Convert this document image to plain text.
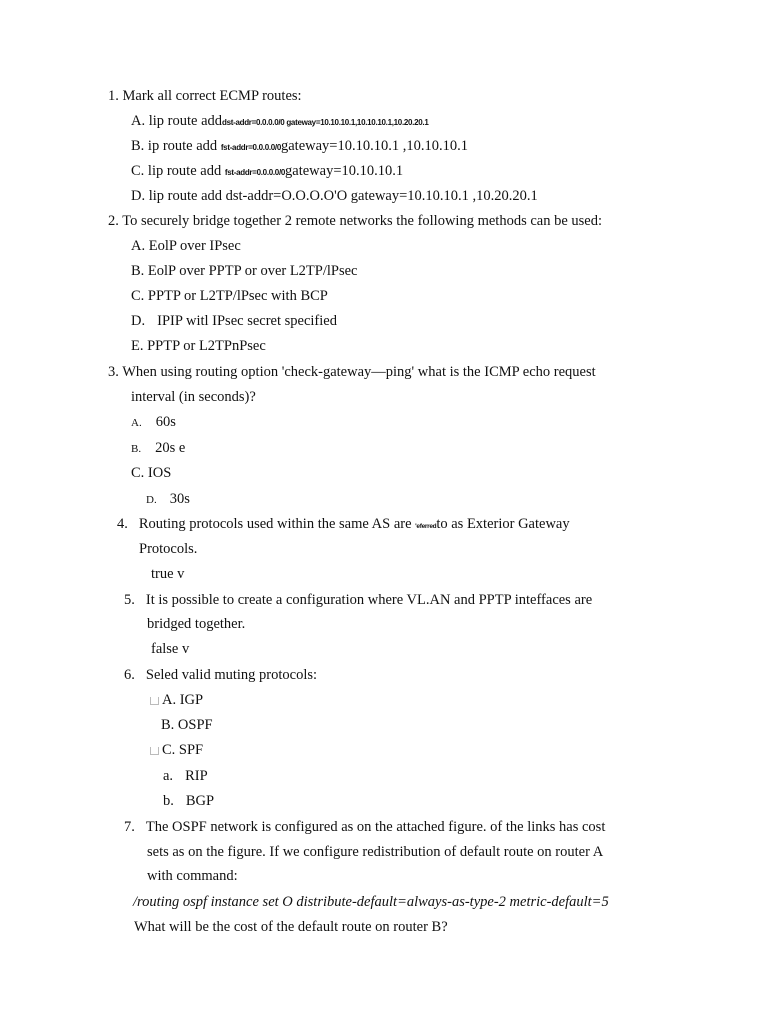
1. Mark all correct ECMP routes:
A. lip route adddst-addr=0.0.0.0/0 gateway=10.10.10.1,10.10.10.1,10.20.20.1
B. ip route add fst-addr=0.0.0.0/0gateway=10.10.10.1 ,10.10.10.1
C. lip route add fst-addr=0.0.0.0/0gateway=10.10.10.1
D. lip route add dst-addr=O.O.O.O'O gateway=10.10.10.1 ,10.20.20.1
2. To securely bridge together 2 remote networks the following methods can be used:
A. EolP over IPsec
B. EolP over PPTP or over L2TP/lPsec
C. PPTP or L2TP/lPsec with BCP
D. IPIP witl IPsec secret specified
E. PPTP or L2TPnPsec
3. When using routing option 'check-gateway—ping' what is the ICMP echo request
interval (in seconds)?
A. 60s
B. 20s e
C. IOS
D. 30s
4. Routing protocols used within the same AS are 'eferredto as Exterior Gateway
Protocols.
true v
5. It is possible to create a configuration where VL.AN and PPTP inteffaces are
bridged together.
false v
6. Seled valid muting protocols:
A. IGP
B. OSPF
C. SPF
a. RIP
b. BGP
7. The OSPF network is configured as on the attached figure. of the links has cost
sets as on the figure. If we configure redistribution of default route on router A
with command:
/routing ospf instance set O distribute-default=always-as-type-2 metric-default=5
What will be the cost of the default route on router B?
